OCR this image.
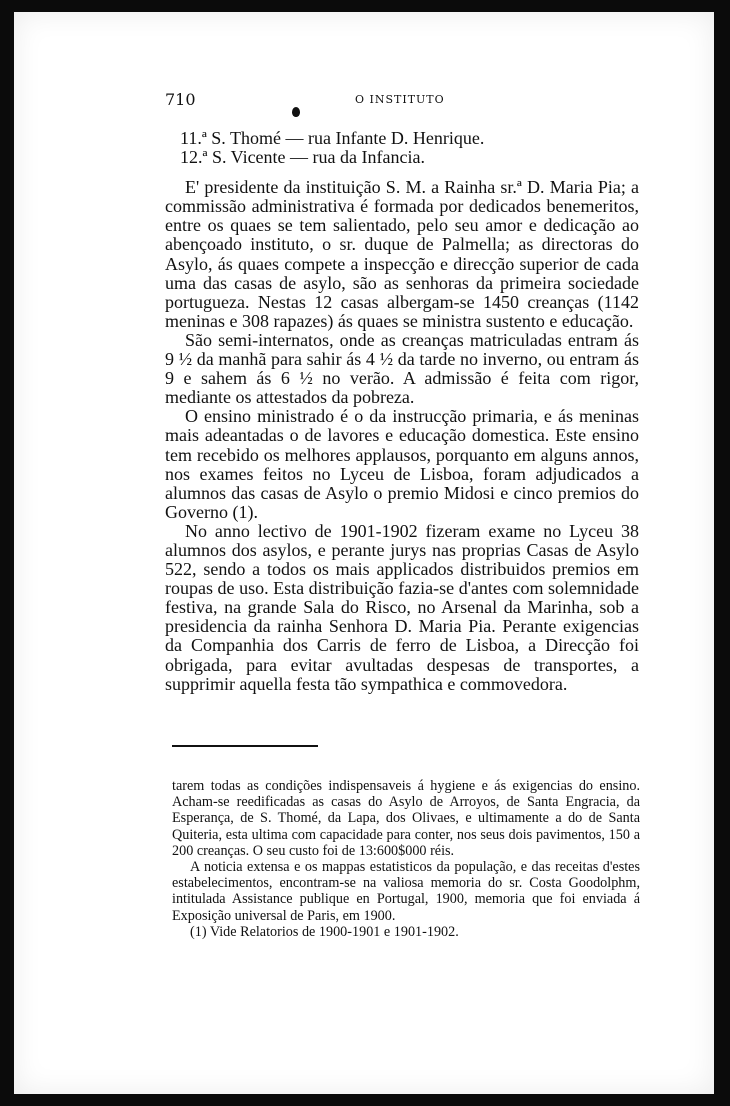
710	O INSTITUTO

11.ª S. Thomé — rua Infante D. Henrique.

12.ª S. Vicente — rua da Infancia.

E' presidente da instituição S. M. a Rainha sr.ª D. Maria Pia; a commissão administrativa é formada por dedicados benemeritos, entre os quaes se tem salientado, pelo seu amor e dedicação ao abençoado instituto, o sr. duque de Palmella; as directoras do Asylo, ás quaes compete a inspecção e direcção superior de cada uma das casas de asylo, são as senhoras da primeira sociedade portugueza. Nestas 12 casas albergam-se 1450 creanças (1142 meninas e 308 rapazes) ás quaes se ministra sustento e educação.

São semi-internatos, onde as creanças matriculadas entram ás 9 ½ da manhã para sahir ás 4 ½ da tarde no inverno, ou entram ás 9 e sahem ás 6 ½ no verão. A admissão é feita com rigor, mediante os attestados da pobreza.

O ensino ministrado é o da instrucção primaria, e ás meninas mais adeantadas o de lavores e educação domestica. Este ensino tem recebido os melhores applausos, porquanto em alguns annos, nos exames feitos no Lyceu de Lisboa, foram adjudicados a alumnos das casas de Asylo o premio Midosi e cinco premios do Governo (1).

No anno lectivo de 1901-1902 fizeram exame no Lyceu 38 alumnos dos asylos, e perante jurys nas proprias Casas de Asylo 522, sendo a todos os mais applicados distribuidos premios em roupas de uso. Esta distribuição fazia-se d'antes com solemnidade festiva, na grande Sala do Risco, no Arsenal da Marinha, sob a presidencia da rainha Senhora D. Maria Pia. Perante exigencias da Companhia dos Carris de ferro de Lisboa, a Direcção foi obrigada, para evitar avultadas despesas de transportes, a supprimir aquella festa tão sympathica e commovedora.

tarem todas as condições indispensaveis á hygiene e ás exigencias do ensino. Acham-se reedificadas as casas do Asylo de Arroyos, de Santa Engracia, da Esperança, de S. Thomé, da Lapa, dos Olivaes, e ultimamente a do de Santa Quiteria, esta ultima com capacidade para conter, nos seus dois pavimentos, 150 a 200 creanças. O seu custo foi de 13:600$000 réis.

A noticia extensa e os mappas estatisticos da população, e das receitas d'estes estabelecimentos, encontram-se na valiosa memoria do sr. Costa Goodolphm, intitulada Assistance publique en Portugal, 1900, memoria que foi enviada á Exposição universal de Paris, em 1900.

(1) Vide Relatorios de 1900-1901 e 1901-1902.
